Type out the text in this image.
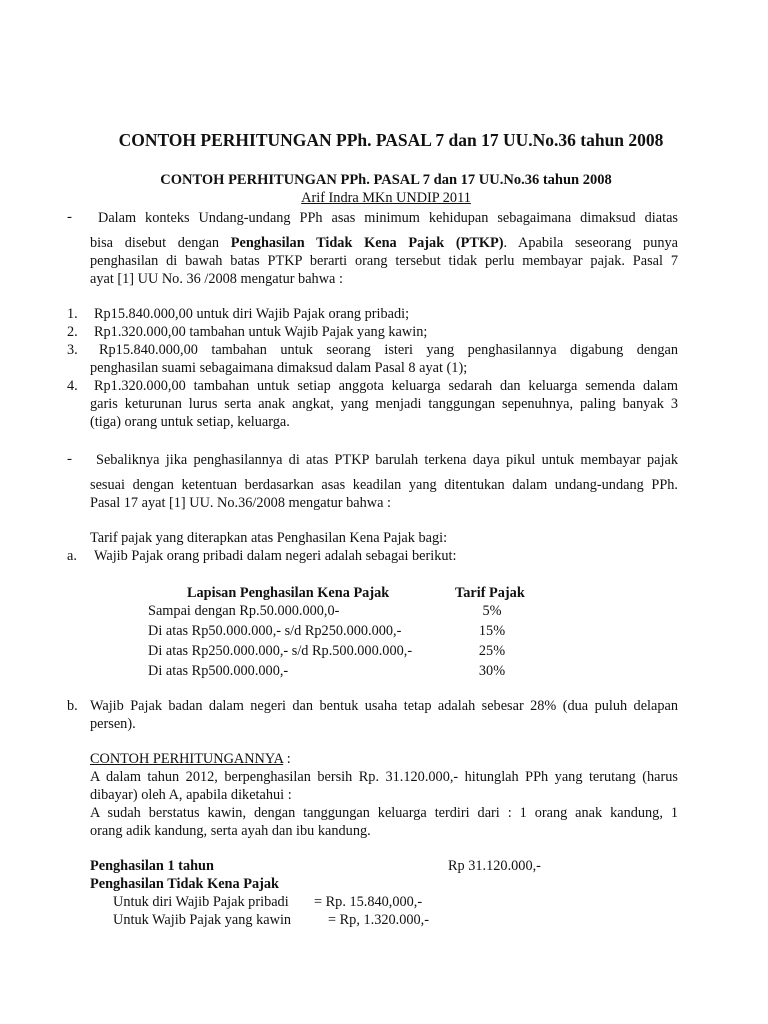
CONTOH PERHITUNGAN PPh. PASAL 7 dan 17 UU.No.36 tahun 2008
CONTOH PERHITUNGAN PPh. PASAL 7 dan 17 UU.No.36 tahun 2008
Arif Indra MKn UNDIP 2011
- Dalam konteks Undang-undang PPh asas minimum kehidupan sebagaimana dimaksud diatas
bisa disebut dengan Penghasilan Tidak Kena Pajak (PTKP). Apabila seseorang punya
penghasilan di bawah batas PTKP berarti orang tersebut tidak perlu membayar pajak. Pasal 7
ayat [1] UU No. 36 /2008 mengatur bahwa :
1. Rp15.840.000,00 untuk diri Wajib Pajak orang pribadi;
2. Rp1.320.000,00 tambahan untuk Wajib Pajak yang kawin;
3.	Rp15.840.000,00 tambahan untuk seorang isteri yang penghasilannya digabung dengan
penghasilan suami sebagaimana dimaksud dalam Pasal 8 ayat (1);
4. Rp1.320.000,00 tambahan untuk setiap anggota keluarga sedarah dan keluarga semenda dalam
garis keturunan lurus serta anak angkat, yang menjadi tanggungan sepenuhnya, paling banyak 3
(tiga) orang untuk setiap, keluarga.
- Sebaliknya jika penghasilannya di atas PTKP barulah terkena daya pikul untuk membayar pajak
sesuai dengan ketentuan berdasarkan asas keadilan yang ditentukan dalam undang-undang PPh.
Pasal 17 ayat [1] UU. No.36/2008 mengatur bahwa :
Tarif pajak yang diterapkan atas Penghasilan Kena Pajak bagi:
a. Wajib Pajak orang pribadi dalam negeri adalah sebagai berikut:
Lapisan Penghasilan Kena Pajak	Tarif Pajak
Sampai dengan Rp.50.000.000,0-	5%
Di atas Rp50.000.000,- s/d Rp250.000.000,-	15%
Di atas Rp250.000.000,- s/d Rp.500.000.000,-	25%
Di atas Rp500.000.000,-	30%
b. Wajib Pajak badan dalam negeri dan bentuk usaha tetap adalah sebesar 28% (dua puluh delapan
persen).
CONTOH PERHITUNGANNYA :
A dalam tahun 2012, berpenghasilan bersih Rp. 31.120.000,- hitunglah PPh yang terutang (harus
dibayar) oleh A, apabila diketahui :
A sudah berstatus kawin, dengan tanggungan keluarga terdiri dari : 1 orang anak kandung, 1
orang adik kandung, serta ayah dan ibu kandung.
Penghasilan 1 tahun	Rp 31.120.000,-
Penghasilan Tidak Kena Pajak
Untuk diri Wajib Pajak pribadi = Rp. 15.840,000,-
Untuk Wajib Pajak yang kawin	= Rp, 1.320.000,-
